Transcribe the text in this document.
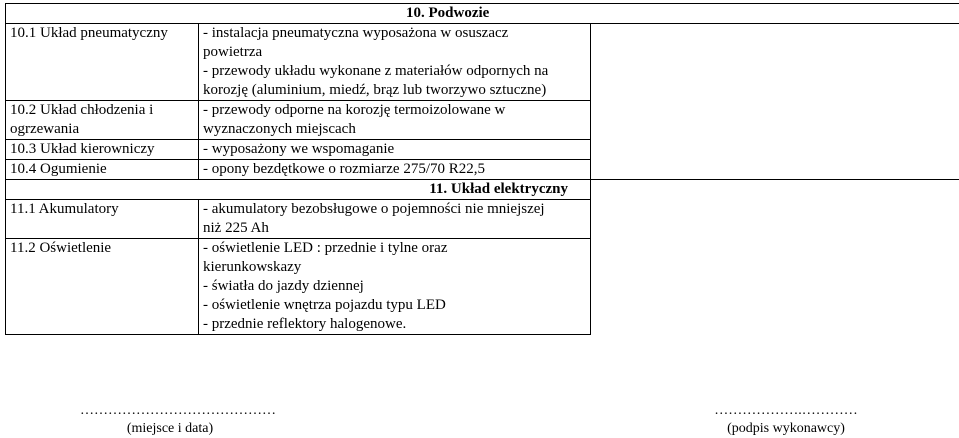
10. Podwozie		
10.1 Układ pneumatyczny	- instalacja pneumatyczna wyposażona w osuszacz
powietrza
- przewody układu wykonane z materiałów odpornych na
korozję (aluminium, miedź, brąz lub tworzywo sztuczne)	

10.2 Układ chłodzenia i
ogrzewania	- przewody odporne na korozję termoizolowane w
wyznaczonych miejscach	

10.3 Układ kierowniczy	- wyposażony we wspomaganie	

10.4 Ogumienie	- opony bezdętkowe o rozmiarze 275/70 R22,5	

11. Układ elektryczny		
11.1 Akumulatory	- akumulatory bezobsługowe o pojemności nie mniejszej
niż 225 Ah	

11.2 Oświetlenie	- oświetlenie LED : przednie i tylne oraz
kierunkowskazy
- światła do jazdy dziennej
- oświetlenie wnętrza pojazdu typu LED
- przednie reflektory halogenowe.	

……………………………………
(miejsce i data)
……………….…………
(podpis wykonawcy)
